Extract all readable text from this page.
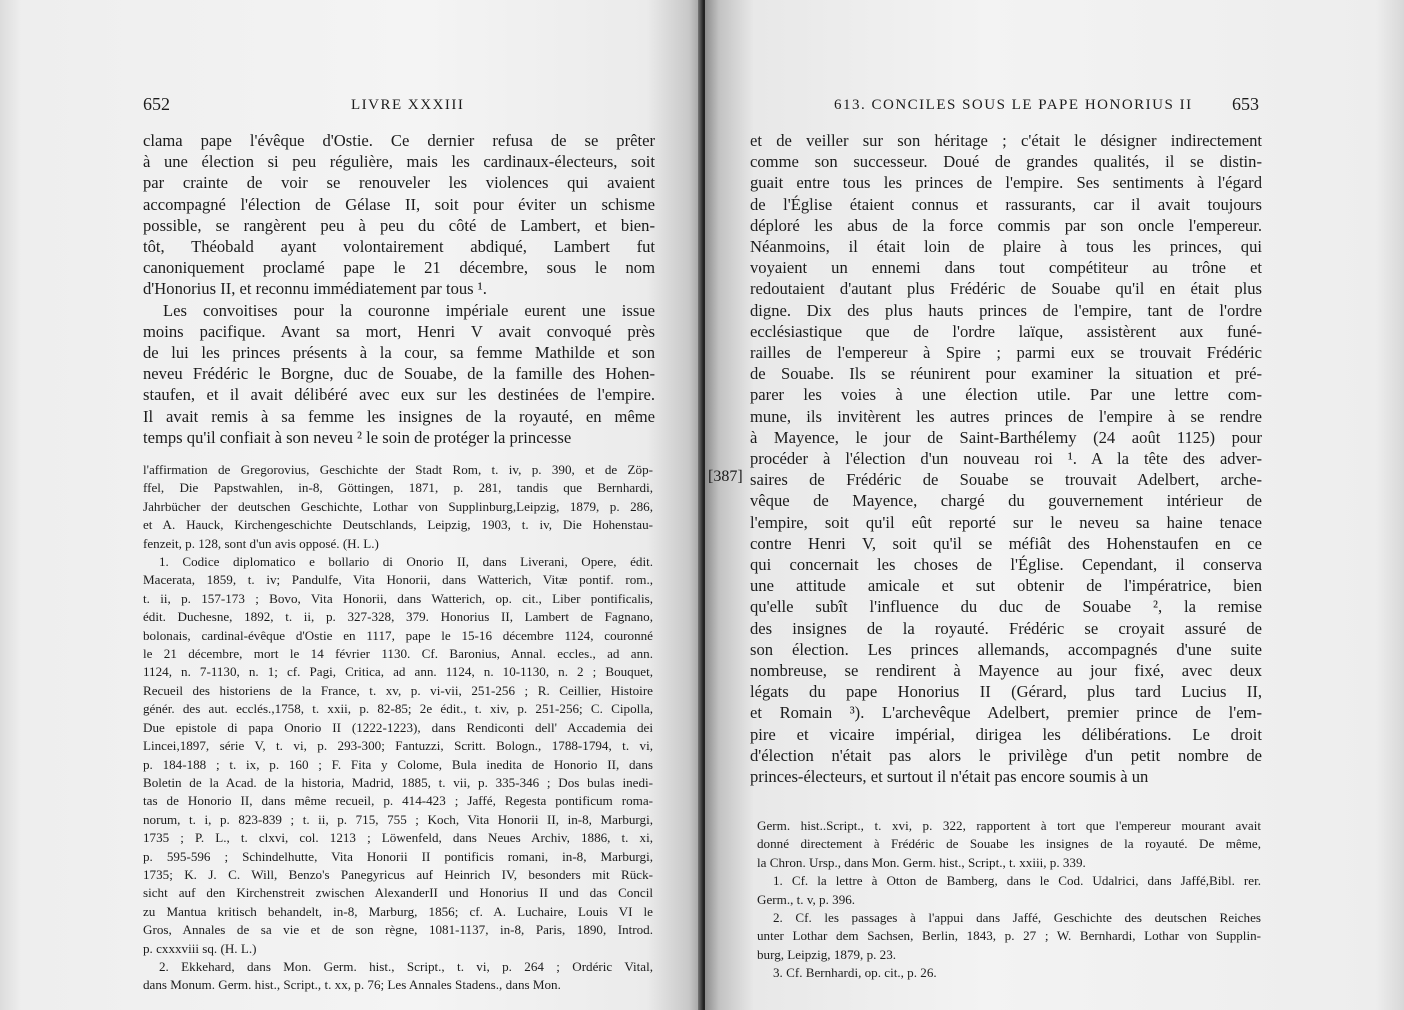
652	LIVRE XXXIII
clama pape l'évêque d'Ostie. Ce dernier refusa de se prêter
à une élection si peu régulière, mais les cardinaux-électeurs, soit
par crainte de voir se renouveler les violences qui avaient
accompagné l'élection de Gélase II, soit pour éviter un schisme
possible, se rangèrent peu à peu du côté de Lambert, et bien-
tôt, Théobald ayant volontairement abdiqué, Lambert fut
canoniquement proclamé pape le 21 décembre, sous le nom
d'Honorius II, et reconnu immédiatement par tous ¹.
Les convoitises pour la couronne impériale eurent une issue
moins pacifique. Avant sa mort, Henri V avait convoqué près
de lui les princes présents à la cour, sa femme Mathilde et son
neveu Frédéric le Borgne, duc de Souabe, de la famille des Hohen-
staufen, et il avait délibéré avec eux sur les destinées de l'empire.
Il avait remis à sa femme les insignes de la royauté, en même
temps qu'il confiait à son neveu ² le soin de protéger la princesse
l'affirmation de Gregorovius, Geschichte der Stadt Rom, t. iv, p. 390, et de Zöp-
ffel, Die Papstwahlen, in-8, Göttingen, 1871, p. 281, tandis que Bernhardi,
Jahrbücher der deutschen Geschichte, Lothar von Supplinburg,Leipzig, 1879, p. 286,
et A. Hauck, Kirchengeschichte Deutschlands, Leipzig, 1903, t. iv, Die Hohenstau-
fenzeit, p. 128, sont d'un avis opposé. (H. L.)
1. Codice diplomatico e bollario di Onorio II, dans Liverani, Opere, édit.
Macerata, 1859, t. iv; Pandulfe, Vita Honorii, dans Watterich, Vitæ pontif. rom.,
t. ii, p. 157-173 ; Bovo, Vita Honorii, dans Watterich, op. cit., Liber pontificalis,
édit. Duchesne, 1892, t. ii, p. 327-328, 379. Honorius II, Lambert de Fagnano,
bolonais, cardinal-évêque d'Ostie en 1117, pape le 15-16 décembre 1124, couronné
le 21 décembre, mort le 14 février 1130. Cf. Baronius, Annal. eccles., ad ann.
1124, n. 7-1130, n. 1; cf. Pagi, Critica, ad ann. 1124, n. 10-1130, n. 2 ; Bouquet,
Recueil des historiens de la France, t. xv, p. vi-vii, 251-256 ; R. Ceillier, Histoire
génér. des aut. ecclés.,1758, t. xxii, p. 82-85; 2e édit., t. xiv, p. 251-256; C. Cipolla,
Due epistole di papa Onorio II (1222-1223), dans Rendiconti dell' Accademia dei
Lincei,1897, série V, t. vi, p. 293-300; Fantuzzi, Scritt. Bologn., 1788-1794, t. vi,
p. 184-188 ; t. ix, p. 160 ; F. Fita y Colome, Bula inedita de Honorio II, dans
Boletin de la Acad. de la historia, Madrid, 1885, t. vii, p. 335-346 ; Dos bulas inedi-
tas de Honorio II, dans même recueil, p. 414-423 ; Jaffé, Regesta pontificum roma-
norum, t. i, p. 823-839 ; t. ii, p. 715, 755 ; Koch, Vita Honorii II, in-8, Marburgi,
1735 ; P. L., t. clxvi, col. 1213 ; Löwenfeld, dans Neues Archiv, 1886, t. xi,
p. 595-596 ; Schindelhutte, Vita Honorii II pontificis romani, in-8, Marburgi,
1735; K. J. C. Will, Benzo's Panegyricus auf Heinrich IV, besonders mit Rück-
sicht auf den Kirchenstreit zwischen AlexanderII und Honorius II und das Concil
zu Mantua kritisch behandelt, in-8, Marburg, 1856; cf. A. Luchaire, Louis VI le
Gros, Annales de sa vie et de son règne, 1081-1137, in-8, Paris, 1890, Introd.
p. cxxxviii sq. (H. L.)
2. Ekkehard, dans Mon. Germ. hist., Script., t. vi, p. 264 ; Ordéric Vital,
dans Monum. Germ. hist., Script., t. xx, p. 76; Les Annales Stadens., dans Mon.
613. CONCILES SOUS LE PAPE HONORIUS II 653
et de veiller sur son héritage ; c'était le désigner indirectement
comme son successeur. Doué de grandes qualités, il se distin-
guait entre tous les princes de l'empire. Ses sentiments à l'égard
de l'Église étaient connus et rassurants, car il avait toujours
déploré les abus de la force commis par son oncle l'empereur.
Néanmoins, il était loin de plaire à tous les princes, qui
voyaient un ennemi dans tout compétiteur au trône et
redoutaient d'autant plus Frédéric de Souabe qu'il en était plus
digne. Dix des plus hauts princes de l'empire, tant de l'ordre
ecclésiastique que de l'ordre laïque, assistèrent aux funé-
railles de l'empereur à Spire ; parmi eux se trouvait Frédéric
de Souabe. Ils se réunirent pour examiner la situation et pré-
parer les voies à une élection utile. Par une lettre com-
mune, ils invitèrent les autres princes de l'empire à se rendre
à Mayence, le jour de Saint-Barthélemy (24 août 1125) pour
procéder à l'élection d'un nouveau roi ¹. A la tête des adver-
saires de Frédéric de Souabe se trouvait Adelbert, arche-
vêque de Mayence, chargé du gouvernement intérieur de
l'empire, soit qu'il eût reporté sur le neveu sa haine tenace
contre Henri V, soit qu'il se méfiât des Hohenstaufen en ce
qui concernait les choses de l'Église. Cependant, il conserva
une attitude amicale et sut obtenir de l'impératrice, bien
qu'elle subît l'influence du duc de Souabe ², la remise
des insignes de la royauté. Frédéric se croyait assuré de
son élection. Les princes allemands, accompagnés d'une suite
nombreuse, se rendirent à Mayence au jour fixé, avec deux
légats du pape Honorius II (Gérard, plus tard Lucius II,
et Romain ³). L'archevêque Adelbert, premier prince de l'em-
pire et vicaire impérial, dirigea les délibérations. Le droit
d'élection n'était pas alors le privilège d'un petit nombre de
princes-électeurs, et surtout il n'était pas encore soumis à un
Germ. hist..Script., t. xvi, p. 322, rapportent à tort que l'empereur mourant avait
donné directement à Frédéric de Souabe les insignes de la royauté. De même,
la Chron. Ursp., dans Mon. Germ. hist., Script., t. xxiii, p. 339.
1. Cf. la lettre à Otton de Bamberg, dans le Cod. Udalrici, dans Jaffé,Bibl. rer.
Germ., t. v, p. 396.
2. Cf. les passages à l'appui dans Jaffé, Geschichte des deutschen Reiches
unter Lothar dem Sachsen, Berlin, 1843, p. 27 ; W. Bernhardi, Lothar von Supplin-
burg, Leipzig, 1879, p. 23.
3. Cf. Bernhardi, op. cit., p. 26.
[387]
